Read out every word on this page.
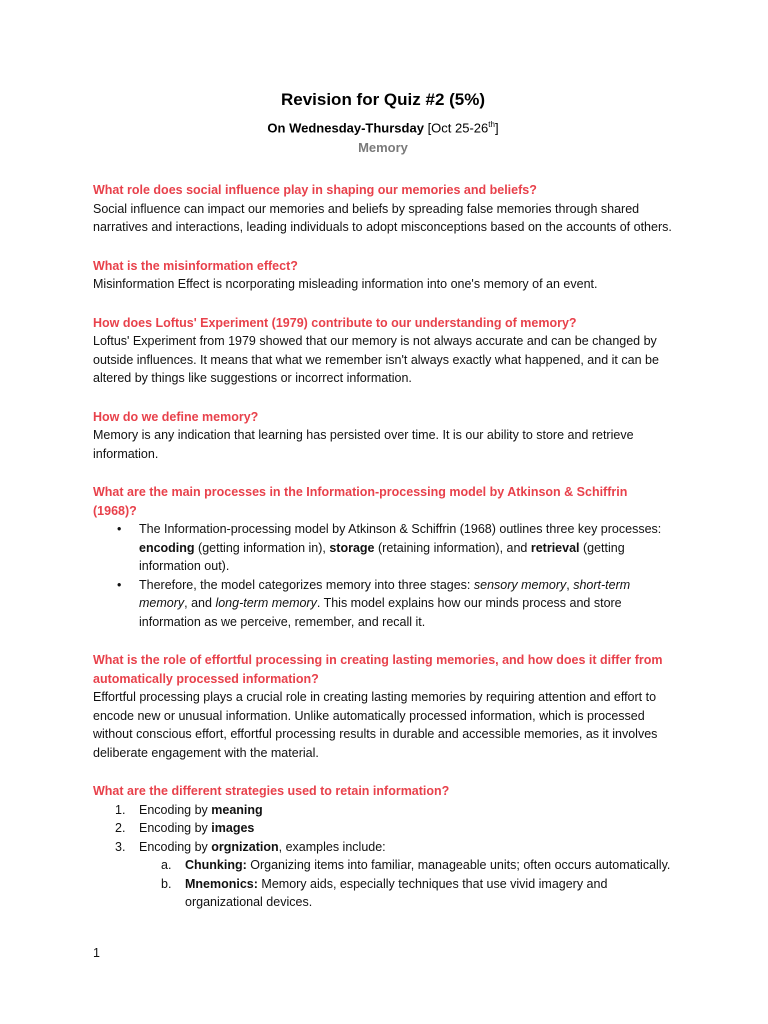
Revision for Quiz #2 (5%)

On Wednesday-Thursday [Oct 25-26th]

Memory

What role does social influence play in shaping our memories and beliefs?

Social influence can impact our memories and beliefs by spreading false memories through shared narratives and interactions, leading individuals to adopt misconceptions based on the accounts of others.

What is the misinformation effect?

Misinformation Effect is ncorporating misleading information into one's memory of an event.

How does Loftus' Experiment (1979) contribute to our understanding of memory?

Loftus' Experiment from 1979 showed that our memory is not always accurate and can be changed by outside influences. It means that what we remember isn't always exactly what happened, and it can be altered by things like suggestions or incorrect information.

How do we define memory?

Memory is any indication that learning has persisted over time. It is our ability to store and retrieve information.

What are the main processes in the Information-processing model by Atkinson & Schiffrin (1968)?

• The Information-processing model by Atkinson & Schiffrin (1968) outlines three key processes: encoding (getting information in), storage (retaining information), and retrieval (getting information out).
• Therefore, the model categorizes memory into three stages: sensory memory, short-term memory, and long-term memory. This model explains how our minds process and store information as we perceive, remember, and recall it.

What is the role of effortful processing in creating lasting memories, and how does it differ from automatically processed information?

Effortful processing plays a crucial role in creating lasting memories by requiring attention and effort to encode new or unusual information. Unlike automatically processed information, which is processed without conscious effort, effortful processing results in durable and accessible memories, as it involves deliberate engagement with the material.

What are the different strategies used to retain information?

1. Encoding by meaning
2. Encoding by images
3. Encoding by orgnization, examples include:
a. Chunking: Organizing items into familiar, manageable units; often occurs automatically.
b. Mnemonics: Memory aids, especially techniques that use vivid imagery and organizational devices.
1
